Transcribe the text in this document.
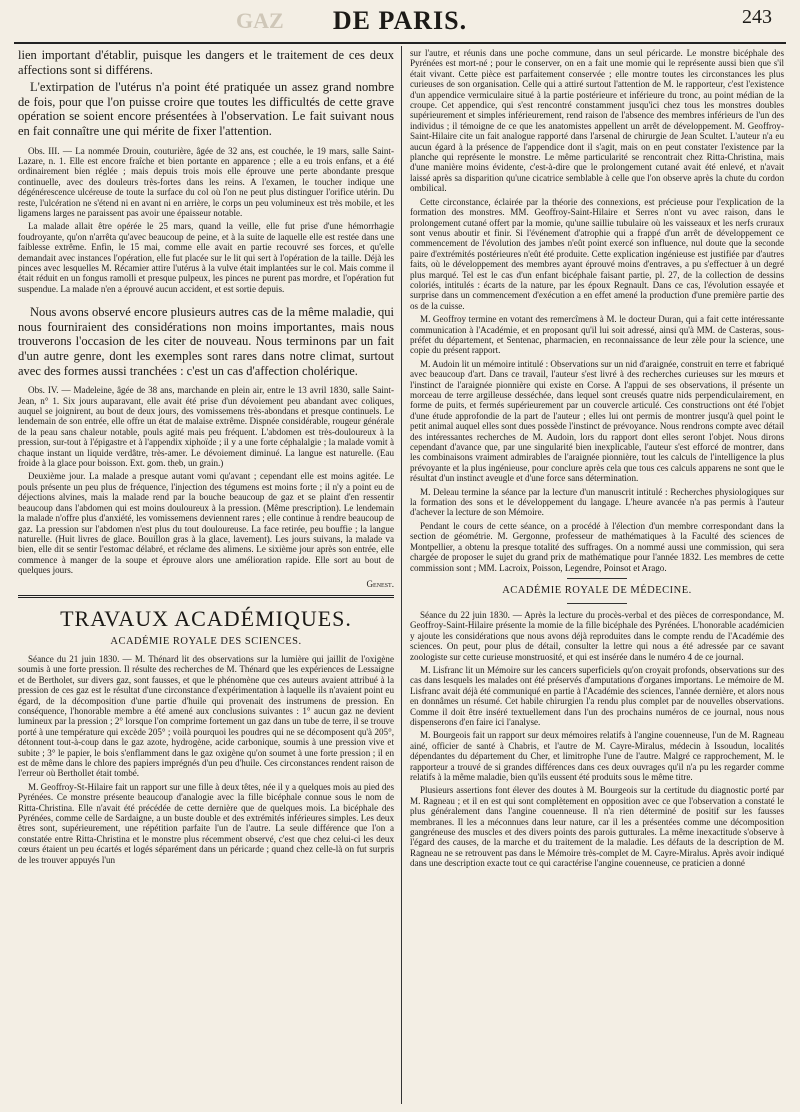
GAZ	DE PARIS.	243

lien important d'établir, puisque les dangers et le traitement de ces deux affections sont si différens.

L'extirpation de l'utérus n'a point été pratiquée un assez grand nombre de fois, pour que l'on puisse croire que toutes les difficultés de cette grave opération se soient encore présentées à l'observation. Le fait suivant nous en fait connaître une qui mérite de fixer l'attention.

Obs. III. — La nommée Drouin, couturière, âgée de 32 ans, est couchée, le 19 mars, salle Saint-Lazare, n. 1. Elle est encore fraîche et bien portante en apparence ; elle a eu trois enfans, et a été ordinairement bien réglée ; mais depuis trois mois elle éprouve une perte abondante presque continuelle, avec des douleurs très-fortes dans les reins. A l'examen, le toucher indique une dégénérescence ulcéreuse de toute la surface du col où l'on ne peut plus distinguer l'orifice utérin. Du reste, l'ulcération ne s'étend ni en avant ni en arrière, le corps un peu volumineux est très mobile, et les ligamens larges ne paraissent pas avoir une épaisseur notable.

La malade allait être opérée le 25 mars, quand la veille, elle fut prise d'une hémorrhagie foudroyante, qu'on n'arrêta qu'avec beaucoup de peine, et à la suite de laquelle elle est restée dans une faiblesse extrême. Enfin, le 15 mai, comme elle avait en partie recouvré ses forces, et qu'elle demandait avec instances l'opération, elle fut placée sur le lit qui sert à l'opération de la taille. Déjà les pinces avec lesquelles M. Récamier attire l'utérus à la vulve était implantées sur le col. Mais comme il était réduit en un fongus ramolli et presque pulpeux, les pinces ne purent pas mordre, et l'opération fut suspendue. La malade n'en a éprouvé aucun accident, et est sortie depuis.

Nous avons observé encore plusieurs autres cas de la même maladie, qui nous fourniraient des considérations non moins importantes, mais nous trouverons l'occasion de les citer de nouveau. Nous terminons par un fait d'un autre genre, dont les exemples sont rares dans notre climat, surtout avec des formes aussi tranchées : c'est un cas d'affection cholérique.

Obs. IV. — Madeleine, âgée de 38 ans, marchande en plein air, entre le 13 avril 1830, salle Saint-Jean, n° 1. Six jours auparavant, elle avait été prise d'un dévoiement peu abandant avec coliques, auquel se joignirent, au bout de deux jours, des vomissemens très-abondans et presque continuels. Le lendemain de son entrée, elle offre un état de malaise extrême. Dispnée considérable, rougeur générale de la peau sans chaleur notable, pouls agité mais peu fréquent. L'abdomen est très-douloureux à la pression, sur-tout à l'épigastre et à l'appendix xiphoïde ; il y a une forte céphalalgie ; la malade vomit à chaque instant un liquide verdâtre, très-amer. Le dévoiement diminué. La langue est naturelle. (Eau froide à la glace pour boisson. Ext. gom. theb, un grain.)

Deuxième jour. La malade a presque autant vomi qu'avant ; cependant elle est moins agitée. Le pouls présente un peu plus de fréquence, l'injection des tégumens est moins forte ; il n'y a point eu de déjections alvines, mais la malade rend par la bouche beaucoup de gaz et se plaint d'en ressentir beaucoup dans l'abdomen qui est moins douloureux à la pression. (Même prescription). Le lendemain la malade n'offre plus d'anxiété, les vomissemens deviennent rares ; elle continue à rendre beaucoup de gaz. La pression sur l'abdomen n'est plus du tout douloureuse. La face retirée, peu bouffie ; la langue naturelle. (Huit livres de glace. Bouillon gras à la glace, lavement). Les jours suivans, la malade va bien, elle dit se sentir l'estomac délabré, et réclame des alimens. Le sixième jour après son entrée, elle commence à manger de la soupe et éprouve alors une amélioration rapide. Elle sort au bout de quelques jours.

Genest.
TRAVAUX ACADÉMIQUES.
ACADÉMIE ROYALE DES SCIENCES.

Séance du 21 juin 1830. — M. Thénard lit des observations sur la lumière qui jaillit de l'oxigène soumis à une forte pression. Il résulte des recherches de M. Thénard que les expériences de Lessaigne et de Bertholet, sur divers gaz, sont fausses, et que le phénomène que ces auteurs avaient attribué à la pression de ces gaz est le résultat d'une circonstance d'expérimentation à laquelle ils n'avaient point eu égard, de la décomposition d'une partie d'huile qui provenait des instrumens de pression. En conséquence, l'honorable membre a été amené aux conclusions suivantes : 1° aucun gaz ne devient lumineux par la pression ; 2° lorsque l'on comprime fortement un gaz dans un tube de terre, il se trouve porté à une température qui excède 205° ; voilà pourquoi les poudres qui ne se décomposent qu'à 205°, détonnent tout-à-coup dans le gaz azote, hydrogène, acide carbonique, soumis à une pression vive et subite ; 3° le papier, le bois s'enflamment dans le gaz oxigène qu'on soumet à une forte pression ; il en est de même dans le chlore des papiers imprégnés d'un peu d'huile. Ces circonstances rendent raison de l'erreur où Berthollet était tombé.

M. Geoffroy-St-Hilaire fait un rapport sur une fille à deux têtes, née il y a quelques mois au pied des Pyrénées. Ce monstre présente beaucoup d'analogie avec la fille bicéphale connue sous le nom de Ritta-Christina. Elle n'avait été précédée de cette dernière que de quelques mois. La bicéphale des Pyrénées, comme celle de Sardaigne, a un buste double et des extrémités inférieures simples. Les deux êtres sont, supérieurement, une répétition parfaite l'un de l'autre. La seule différence que l'on a constatée entre Ritta-Christina et le monstre plus récemment observé, c'est que chez celui-ci les deux cœurs étaient un peu écartés et logés séparément dans un péricarde ; quand chez celle-là on fut surpris de les trouver appuyés l'un

sur l'autre, et réunis dans une poche commune, dans un seul péricarde. Le monstre bicéphale des Pyrénées est mort-né ; pour le conserver, on en a fait une momie qui le représente aussi bien que s'il était vivant. Cette pièce est parfaitement conservée ; elle montre toutes les circonstances les plus curieuses de son organisation. Celle qui a attiré surtout l'attention de M. le rapporteur, c'est l'existence d'un appendice vermiculaire situé à la partie postérieure et inférieure du tronc, au point médian de la croupe. Cet appendice, qui s'est rencontré constamment jusqu'ici chez tous les monstres doubles supérieurement et simples inférieurement, rend raison de l'absence des membres inférieurs de l'un des individus ; il témoigne de ce que les anatomistes appellent un arrêt de développement. M. Geoffroy-Saint-Hilaire cite un fait analogue rapporté dans l'arsenal de chirurgie de Jean Scultet. L'auteur n'a eu aucun égard à la présence de l'appendice dont il s'agit, mais on en peut constater l'existence par la planche qui représente le monstre. Le même particularité se rencontrait chez Ritta-Christina, mais d'une manière moins évidente, c'est-à-dire que le prolongement cutané avait été enlevé, et n'avait laissé après sa disparition qu'une cicatrice semblable à celle que l'on observe après la chute du cordon ombilical.

Cette circonstance, éclairée par la théorie des connexions, est précieuse pour l'explication de la formation des monstres. MM. Geoffroy-Saint-Hilaire et Serres n'ont vu avec raison, dans le prolongement cutané offert par la momie, qu'une saillie tubulaire où les vaisseaux et les nerfs cruraux sont venus aboutir et finir. Si l'événement d'atrophie qui a frappé d'un arrêt de développement ce commencement de l'évolution des jambes n'eût point exercé son influence, nul doute que la seconde paire d'extrémités postérieures n'eût été produite. Cette explication ingénieuse est justifiée par d'autres faits, où le développement des membres ayant éprouvé moins d'entraves, a pu s'effectuer à un degré plus marqué. Tel est le cas d'un enfant bicéphale faisant partie, pl. 27, de la collection de dessins coloriés, intitulés : écarts de la nature, par les époux Regnault. Dans ce cas, l'évolution essayée et surprise dans un commencement d'exécution a en effet amené la production d'une première partie des os de la cuisse.

M. Geoffroy termine en votant des remercîmens à M. le docteur Duran, qui a fait cette intéressante communication à l'Académie, et en proposant qu'il lui soit adressé, ainsi qu'à MM. de Casteras, sous-préfet du département, et Sentenac, pharmacien, en reconnaissance de leur zèle pour la science, une copie du présent rapport.

M. Audoin lit un mémoire intitulé : Observations sur un nid d'araignée, construit en terre et fabriqué avec beaucoup d'art. Dans ce travail, l'auteur s'est livré à des recherches curieuses sur les mœurs et l'instinct de l'araignée pionnière qui existe en Corse. A l'appui de ses observations, il présente un morceau de terre argilleuse desséchée, dans lequel sont creusés quatre nids perpendiculairement, en forme de puits, et fermés supérieurement par un couvercle articulé. Ces constructions ont été l'objet d'une étude approfondie de la part de l'auteur ; elles lui ont permis de montrer jusqu'à quel point le petit animal auquel elles sont dues possède l'instinct de prévoyance. Nous rendrons compte avec détail des intéressantes recherches de M. Audoin, lors du rapport dont elles seront l'objet. Nous dirons cependant d'avance que, par une singularité bien inexplicable, l'auteur s'est efforcé de montrer, dans les combinaisons vraiment admirables de l'araignée pionnière, tout les calculs de l'intelligence la plus prévoyante et la plus ingénieuse, pour conclure après cela que tous ces calculs apparens ne sont que le résultat d'un instinct aveugle et d'une force sans détermination.

M. Deleau termine la séance par la lecture d'un manuscrit intitulé : Recherches physiologiques sur la formation des sons et le développement du langage. L'heure avancée n'a pas permis à l'auteur d'achever la lecture de son Mémoire.

Pendant le cours de cette séance, on a procédé à l'élection d'un membre correspondant dans la section de géométrie. M. Gergonne, professeur de mathématiques à la Faculté des sciences de Montpellier, a obtenu la presque totalité des suffrages. On a nommé aussi une commission, qui sera chargée de proposer le sujet du grand prix de mathématique pour l'année 1832. Les membres de cette commission sont ; MM. Lacroix, Poisson, Legendre, Poinsot et Arago.

ACADÉMIE ROYALE DE MÉDECINE.

Séance du 22 juin 1830. — Après la lecture du procès-verbal et des pièces de correspondance, M. Geoffroy-Saint-Hilaire présente la momie de la fille bicéphale des Pyrénées. L'honorable académicien y ajoute les considérations que nous avons déjà reproduites dans le compte rendu de l'Académie des sciences. On peut, pour plus de détail, consulter la lettre qui nous a été adressée par ce savant zoologiste sur cette curieuse monstruosité, et qui est insérée dans le numéro 4 de ce journal.

M. Lisfranc lit un Mémoire sur les cancers superficiels qu'on croyait profonds, observations sur des cas dans lesquels les malades ont été préservés d'amputations d'organes importans. Le mémoire de M. Lisfranc avait déjà été communiqué en partie à l'Académie des sciences, l'année dernière, et alors nous en donnâmes un résumé. Cet habile chirurgien l'a rendu plus complet par de nouvelles observations. Comme il doit être inséré textuellement dans l'un des prochains numéros de ce journal, nous nous dispenserons d'en faire ici l'analyse.

M. Bourgeois fait un rapport sur deux mémoires relatifs à l'angine couenneuse, l'un de M. Ragneau ainé, officier de santé à Chabris, et l'autre de M. Cayre-Miralus, médecin à Issoudun, localités dépendantes du département du Cher, et limitrophe l'une de l'autre. Malgré ce rapprochement, M. le rapporteur a trouvé de si grandes différences dans ces deux ouvrages qu'il n'a pu les regarder comme relatifs à la même maladie, bien qu'ils eussent été produits sous le même titre.

Plusieurs assertions font élever des doutes à M. Bourgeois sur la certitude du diagnostic porté par M. Ragneau ; et il en est qui sont complètement en opposition avec ce que l'observation a constaté le plus généralement dans l'angine couenneuse. Il n'a rien déterminé de positif sur les fausses membranes. Il les a méconnues dans leur nature, car il les a présentées comme une décomposition gangréneuse des muscles et des divers points des parois gutturales. La même inexactitude s'observe à l'égard des causes, de la marche et du traitement de la maladie. Les défauts de la description de M. Ragneau ne se retrouvent pas dans le Mémoire très-complet de M. Cayre-Miralus. Après avoir indiqué dans une description exacte tout ce qui caractérise l'angine couenneuse, ce praticien a donné
